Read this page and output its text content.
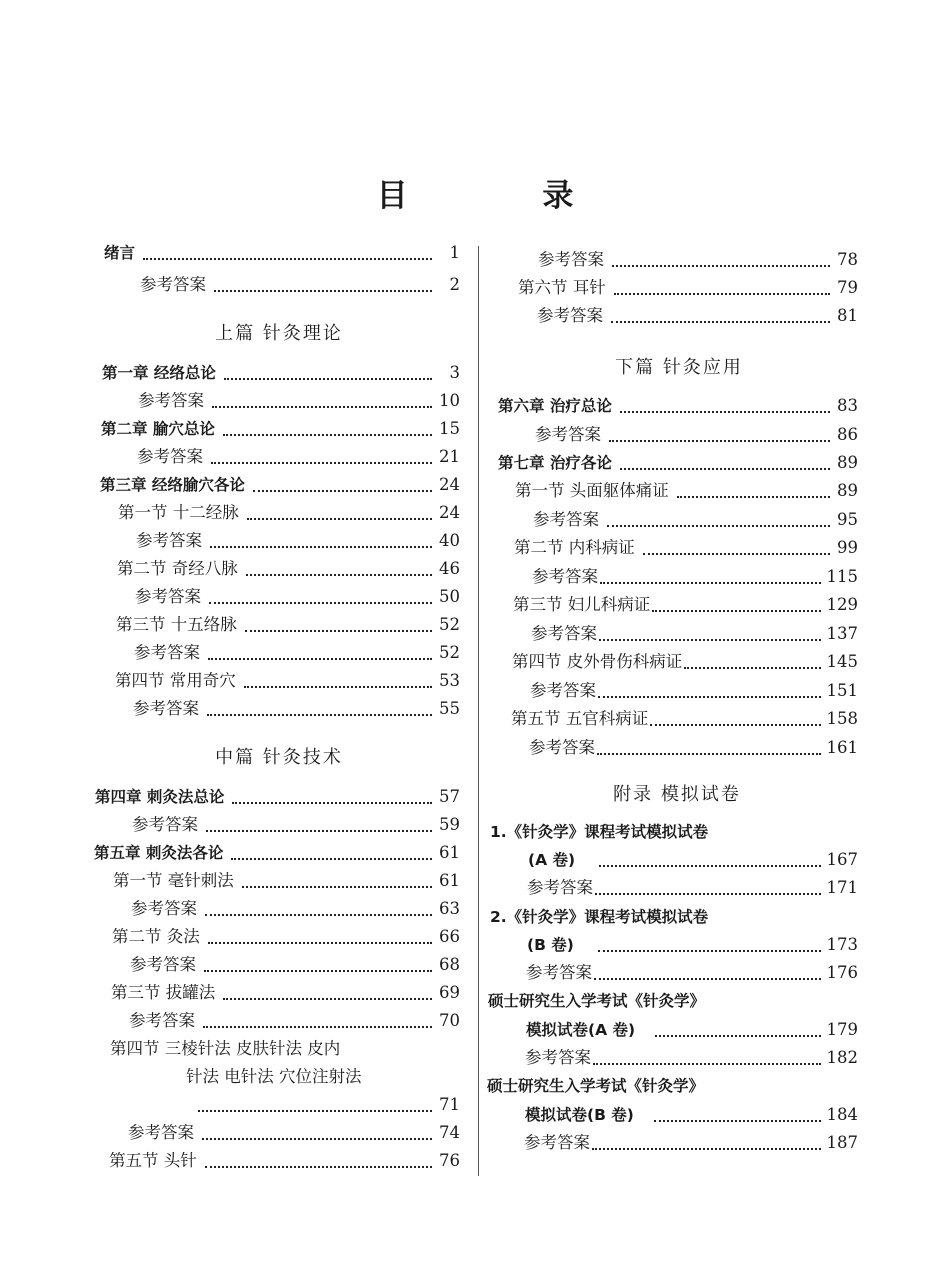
目 录
绪言	1
参考答案	2
上篇 针灸理论
第一章 经络总论	3
参考答案	10
第二章 腧穴总论	15
参考答案	21
第三章 经络腧穴各论	24
第一节 十二经脉	24
参考答案	40
第二节 奇经八脉	46
参考答案	50
第三节 十五络脉	52
参考答案	52
第四节 常用奇穴	53
参考答案	55
中篇 针灸技术
第四章 刺灸法总论	57
参考答案	59
第五章 刺灸法各论	61
第一节 毫针刺法	61
参考答案	63
第二节 灸法	66
参考答案	68
第三节 拔罐法	69
参考答案	70
第四节 三棱针法 皮肤针法 皮内
针法 电针法 穴位注射法
71
参考答案	74
第五节 头针	76
参考答案	78
第六节 耳针	79
参考答案	81
下篇 针灸应用
第六章 治疗总论	83
参考答案	86
第七章 治疗各论	89
第一节 头面躯体痛证	89
参考答案	95
第二节 内科病证	99
参考答案	115
第三节 妇儿科病证	129
参考答案	137
第四节 皮外骨伤科病证	145
参考答案	151
第五节 五官科病证	158
参考答案	161
附录 模拟试卷
1.《针灸学》课程考试模拟试卷
(A 卷)	167
参考答案	171
2.《针灸学》课程考试模拟试卷
(B 卷)	173
参考答案	176
硕士研究生入学考试《针灸学》
模拟试卷(A 卷)	179
参考答案	182
硕士研究生入学考试《针灸学》
模拟试卷(B 卷)	184
参考答案	187
